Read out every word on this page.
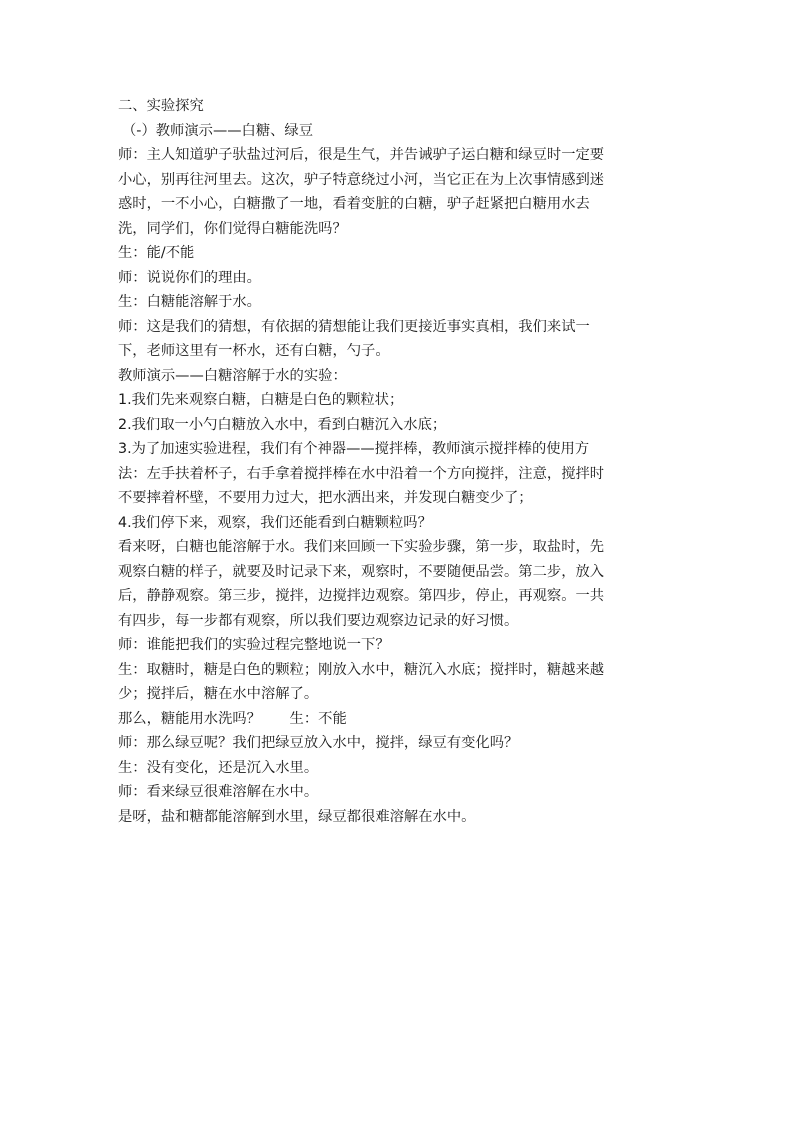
二、实验探究

（-）教师演示——白糖、绿豆

师：主人知道驴子驮盐过河后，很是生气，并告诫驴子运白糖和绿豆时一定要

小心，别再往河里去。这次，驴子特意绕过小河，当它正在为上次事情感到迷

惑时，一不小心，白糖撒了一地，看着变脏的白糖，驴子赶紧把白糖用水去

洗，同学们，你们觉得白糖能洗吗？

生：能/不能

师：说说你们的理由。

生：白糖能溶解于水。

师：这是我们的猜想，有依据的猜想能让我们更接近事实真相，我们来试一

下，老师这里有一杯水，还有白糖，勺子。

教师演示——白糖溶解于水的实验：

1.我们先来观察白糖，白糖是白色的颗粒状；

2.我们取一小勺白糖放入水中，看到白糖沉入水底；

3.为了加速实验进程，我们有个神器——搅拌棒，教师演示搅拌棒的使用方

法：左手扶着杯子，右手拿着搅拌棒在水中沿着一个方向搅拌，注意，搅拌时

不要摔着杯壁，不要用力过大，把水洒出来，并发现白糖变少了；

4.我们停下来，观察，我们还能看到白糖颗粒吗？

看来呀，白糖也能溶解于水。我们来回顾一下实验步骤，第一步，取盐时，先

观察白糖的样子，就要及时记录下来，观察时，不要随便品尝。第二步，放入

后，静静观察。第三步，搅拌，边搅拌边观察。第四步，停止，再观察。一共

有四步，每一步都有观察，所以我们要边观察边记录的好习惯。

师：谁能把我们的实验过程完整地说一下？

生：取糖时，糖是白色的颗粒；刚放入水中，糖沉入水底；搅拌时，糖越来越

少；搅拌后，糖在水中溶解了。

那么，糖能用水洗吗？　　生：不能

师：那么绿豆呢？我们把绿豆放入水中，搅拌，绿豆有变化吗？

生：没有变化，还是沉入水里。

师：看来绿豆很难溶解在水中。

是呀，盐和糖都能溶解到水里，绿豆都很难溶解在水中。
